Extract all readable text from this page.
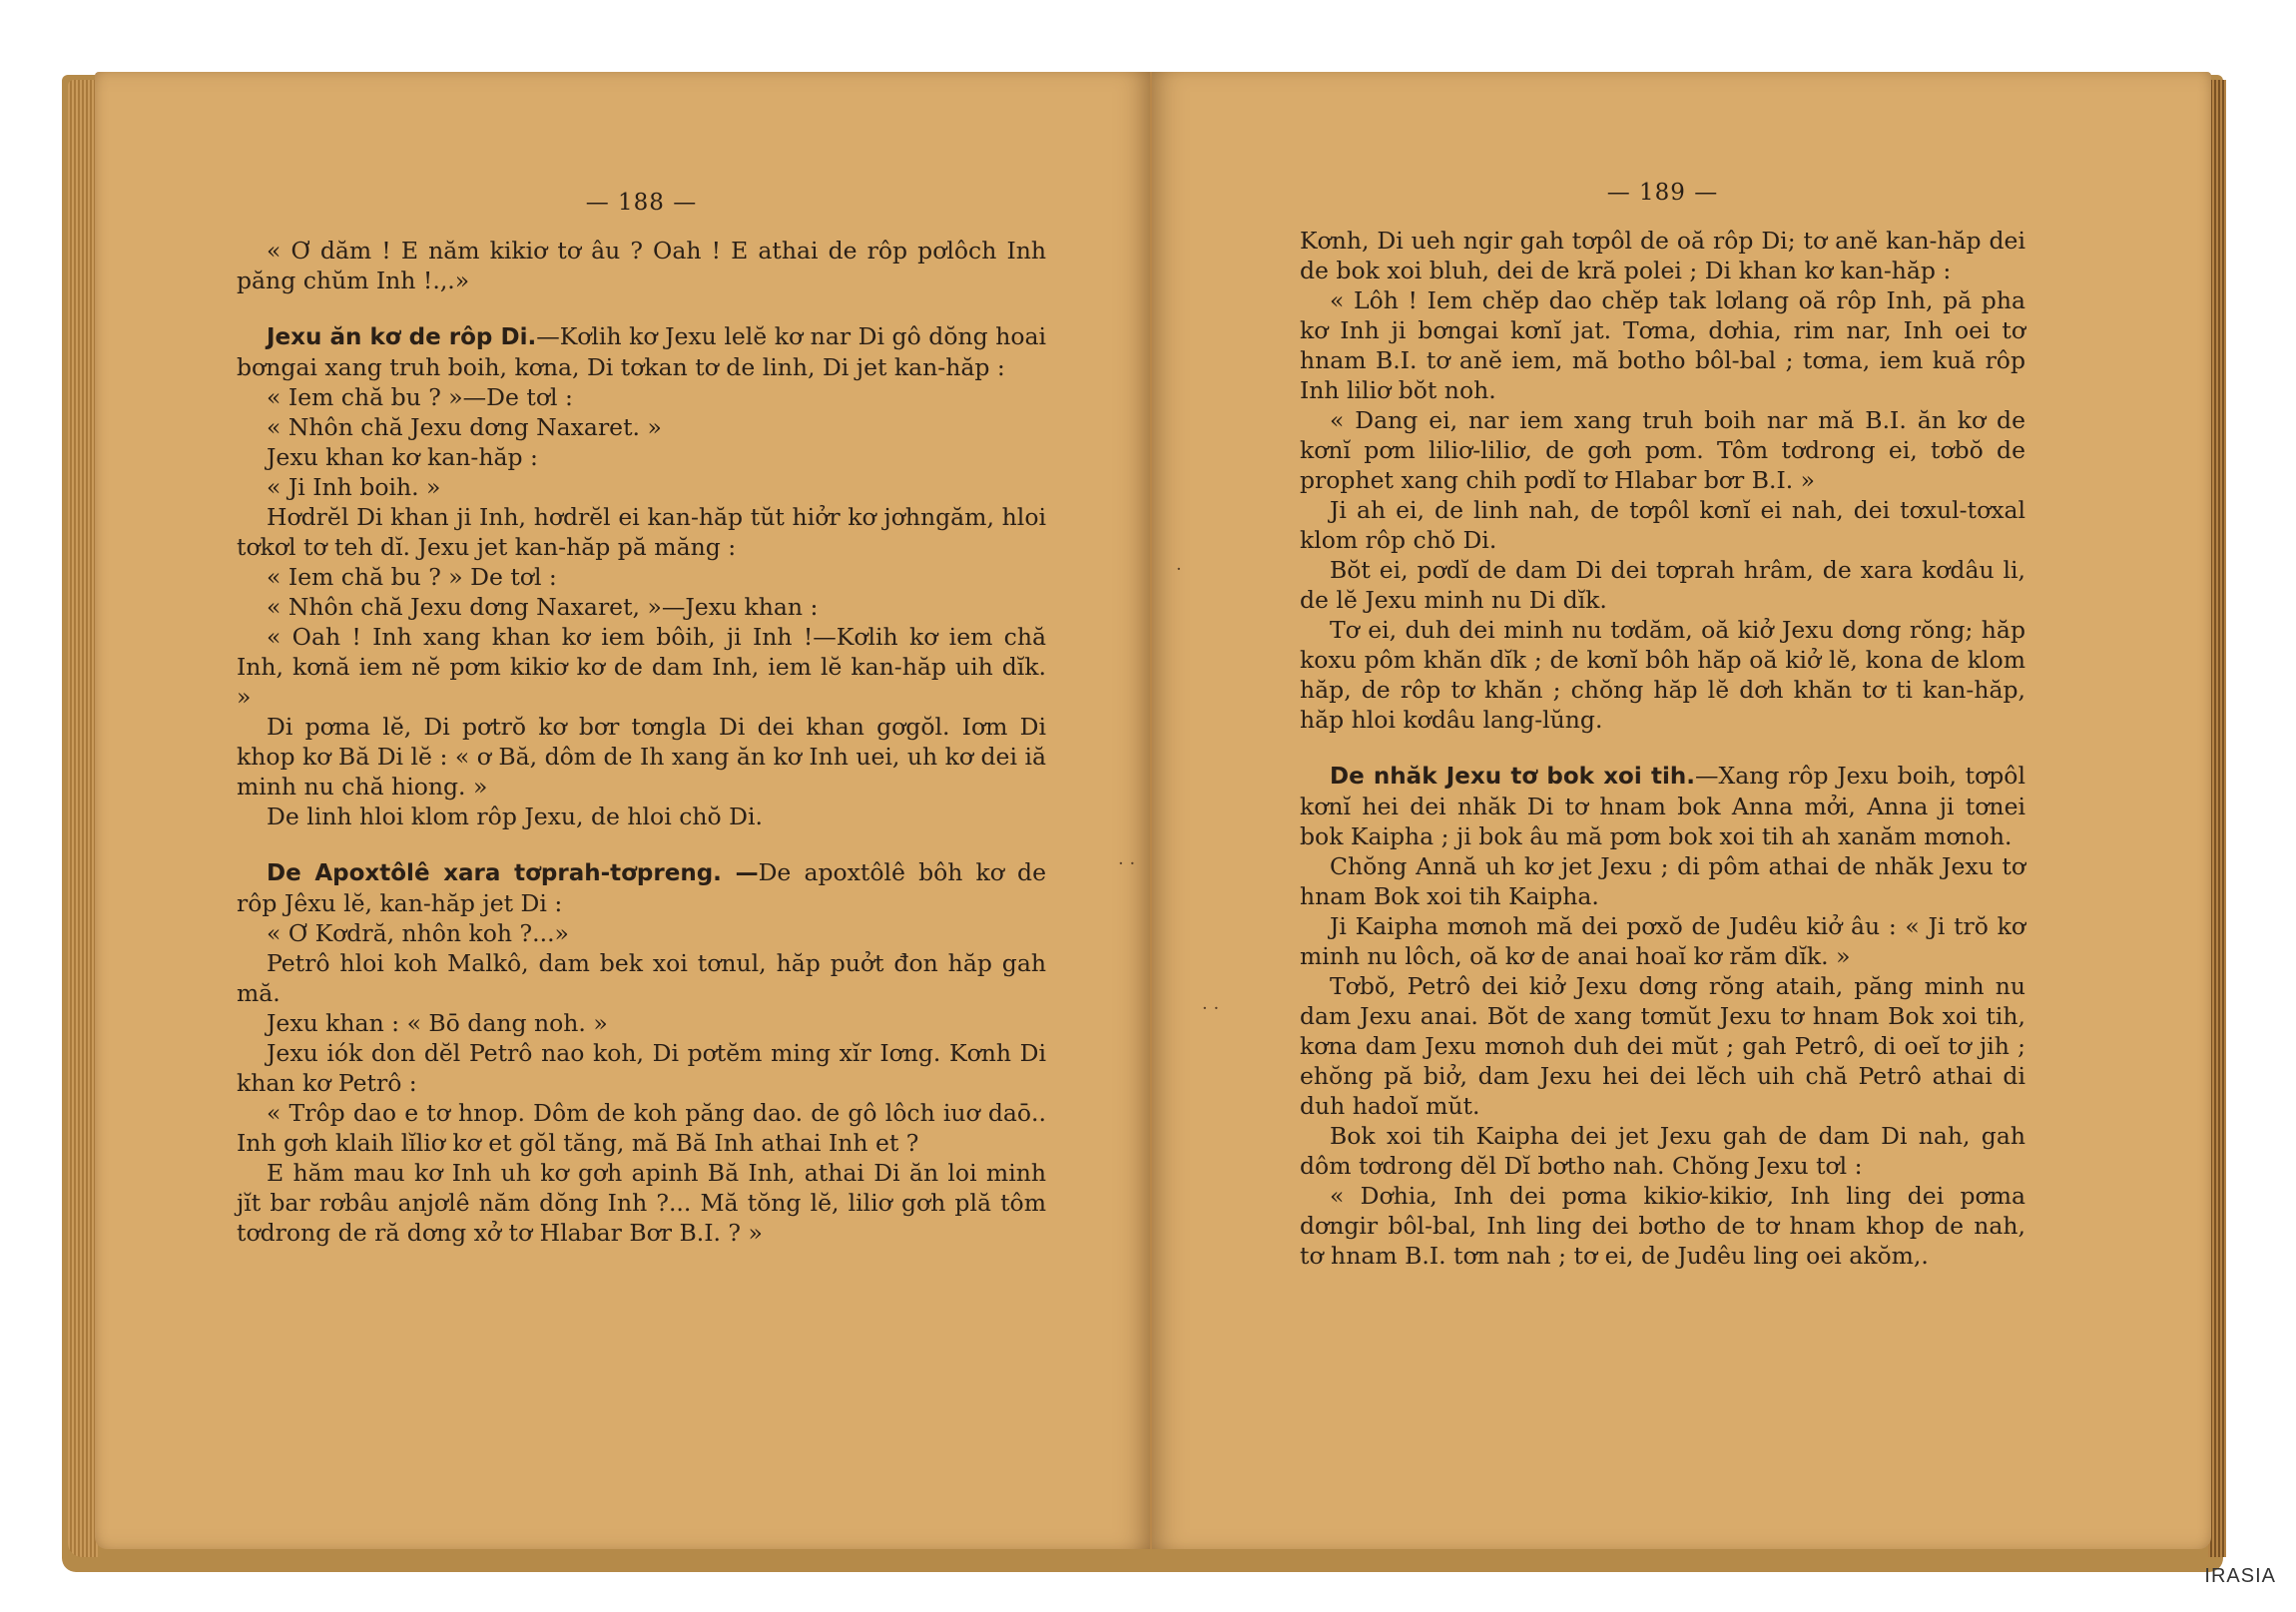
— 188 —

« Ơ dăm ! E năm kikiơ tơ âu ? Oah ! E athai de rôp pơlôch Inh păng chŭm Inh !.,.»

Jexu ăn kơ de rôp Di.—Kơlih kơ Jexu lelĕ kơ nar Di gô dŏng hoai bơngai xang truh boih, kơna, Di tơkan tơ de linh, Di jet kan-hăp :

« Iem chă bu ? »—De tơl :

« Nhôn chă Jexu dơng Naxaret. »

Jexu khan kơ kan-hăp :

« Ji Inh boih. »

Hơdrĕl Di khan ji Inh, hơdrĕl ei kan-hăp tŭt hiởr kơ jơhngăm, hloi tơkơl tơ teh dĭ. Jexu jet kan-hăp pă măng :

« Iem chă bu ? » De tơl :

« Nhôn chă Jexu dơng Naxaret, »—Jexu khan :

« Oah ! Inh xang khan kơ iem bôih, ji Inh !—Kơlih kơ iem chă Inh, kơnă iem nĕ pơm kikiơ kơ de dam Inh, iem lĕ kan-hăp uih dĭk. »

Di pơma lĕ, Di pơtrŏ kơ bơr tơngla Di dei khan gơgŏl. Iơm Di khop kơ Bă Di lĕ : « ơ Bă, dôm de Ih xang ăn kơ Inh uei, uh kơ dei iă minh nu chă hiong. »

De linh hloi klom rôp Jexu, de hloi chŏ Di.

De Apoxtôlê xara tơprah-tơpreng. —De apoxtôlê bôh kơ de rôp Jêxu lĕ, kan-hăp jet Di :

« Ơ Kơdră, nhôn koh ?...»

Petrô hloi koh Malkô, dam bek xoi tơnul, hăp puởt đon hăp gah mă.

Jexu khan : « Bō dang noh. »

Jexu iók don dĕl Petrô nao koh, Di pơtĕm ming xĭr Iơng. Kơnh Di khan kơ Petrô :

« Trôp dao e tơ hnop. Dôm de koh păng dao. de gô lôch iuơ daō.. Inh gơh klaih lĭliơ kơ et gŏl tăng, mă Bă Inh athai Inh et ?

E hăm mau kơ Inh uh kơ gơh apinh Bă Inh, athai Di ăn loi minh jĭt bar rơbâu anjơlê năm dŏng Inh ?... Mă tŏng lĕ, liliơ gơh plă tôm tơdrong de ră dơng xở tơ Hlabar Bơr B.I. ? »

— 189 —

Kơnh, Di ueh ngir gah tơpôl de oă rôp Di; tơ anĕ kan-hăp dei de bok xoi bluh, dei de kră polei ; Di khan kơ kan-hăp :

« Lôh ! Iem chĕp dao chĕp tak lơlang oă rôp Inh, pă pha kơ Inh ji bơngai kơnĭ jat. Tơma, dơhia, rim nar, Inh oei tơ hnam B.I. tơ anĕ iem, mă botho bôl-bal ; tơma, iem kuă rôp Inh liliơ bŏt noh.

« Dang ei, nar iem xang truh boih nar mă B.I. ăn kơ de kơnĭ pơm liliơ-liliơ, de gơh pơm. Tôm tơdrong ei, tơbŏ de prophet xang chih pơdĭ tơ Hlabar bơr B.I. »

Ji ah ei, de linh nah, de tơpôl kơnĭ ei nah, dei tơxul-tơxal klom rôp chŏ Di.

Bŏt ei, pơdĭ de dam Di dei tơprah hrâm, de xara kơdâu li, de lĕ Jexu minh nu Di dĭk.

Tơ ei, duh dei minh nu tơdăm, oă kiở Jexu dơng rŏng; hăp koxu pôm khăn dĭk ; de kơnĭ bôh hăp oă kiở lĕ, kona de klom hăp, de rôp tơ khăn ; chŏng hăp lĕ dơh khăn tơ ti kan-hăp, hăp hloi kơdâu lang-lŭng.

De nhăk Jexu tơ bok xoi tih.—Xang rôp Jexu boih, tơpôl kơnĭ hei dei nhăk Di tơ hnam bok Anna mởi, Anna ji tơnei bok Kaipha ; ji bok âu mă pơm bok xoi tih ah xanăm mơnoh.

Chŏng Annă uh kơ jet Jexu ; di pôm athai de nhăk Jexu tơ hnam Bok xoi tih Kaipha.

Ji Kaipha mơnoh mă dei pơxŏ de Judêu kiở âu : « Ji trŏ kơ minh nu lôch, oă kơ de anai hoaĭ kơ răm dĭk. »

Tơbŏ, Petrô dei kiở Jexu dơng rŏng ataih, păng minh nu dam Jexu anai. Bŏt de xang tơmŭt Jexu tơ hnam Bok xoi tih, kơna dam Jexu mơnoh duh dei mŭt ; gah Petrô, di oeĭ tơ jih ; ehŏng pă biở, dam Jexu hei dei lĕch uih chă Petrô athai di duh hadoĭ mŭt.

Bok xoi tih Kaipha dei jet Jexu gah de dam Di nah, gah dôm tơdrong dĕl Dĭ bơtho nah. Chŏng Jexu tơl :

« Dơhia, Inh dei pơma kikiơ-kikiơ, Inh ling dei pơma dơngir bôl-bal, Inh ling dei bơtho de tơ hnam khop de nah, tơ hnam B.I. tơm nah ; tơ ei, de Judêu ling oei akŏm,.

· ·
·
· ·
IRASIA
